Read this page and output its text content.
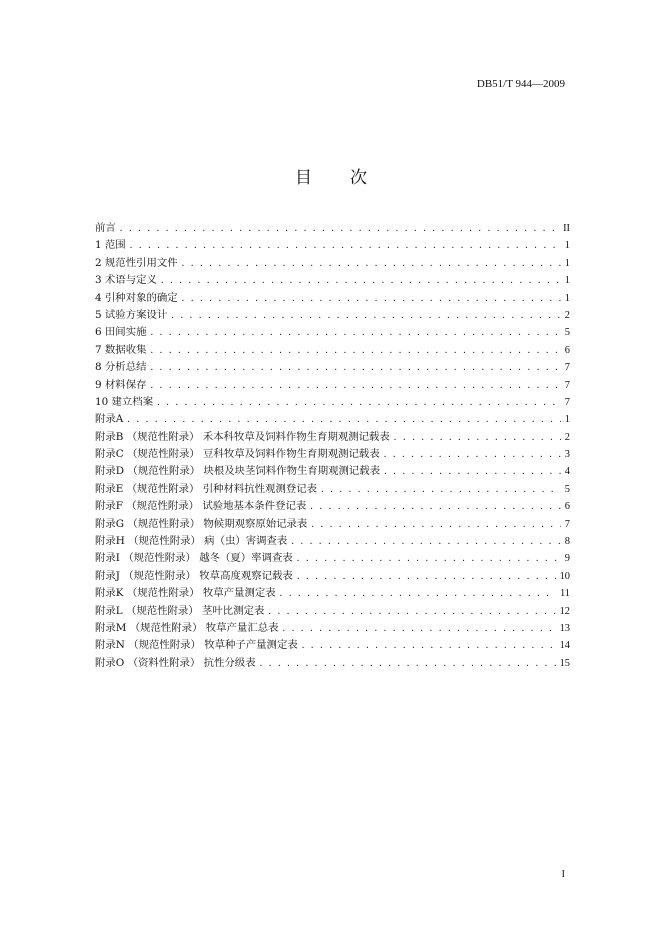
DB51/T 944—2009
目次
前言 . . .	II
1 范围 . . .	1
2 规范性引用文件 . . .	1
3 术语与定义 . . .	1
4 引种对象的确定 . . .	1
5 试验方案设计 . . .	2
6 田间实施 . . .	5
7 数据收集 . . .	6
8 分析总结 . . .	7
9 材料保存 . . .	7
10 建立档案 . . .	7
附录A . . .	1
附录B （规范性附录） 禾本科牧草及饲料作物生育期观测记载表 . . .	2
附录C （规范性附录） 豆科牧草及饲料作物生育期观测记载表 . . .	3
附录D （规范性附录） 块根及块茎饲料作物生育期观测记载表 . . .	4
附录E （规范性附录） 引种材料抗性观测登记表 . . .	5
附录F （规范性附录） 试验地基本条件登记表 . . .	6
附录G （规范性附录） 物候期观察原始记录表 . . .	7
附录H （规范性附录） 病（虫）害调查表 . . .	8
附录I （规范性附录） 越冬（夏）率调查表 . . .	9
附录J （规范性附录） 牧草高度观察记载表 . . .	10
附录K （规范性附录） 牧草产量测定表 . . .	11
附录L （规范性附录） 茎叶比测定表 . . .	12
附录M （规范性附录） 牧草产量汇总表 . . .	13
附录N （规范性附录） 牧草种子产量测定表 . . .	14
附录O （资料性附录） 抗性分级表 . . .	15
I
